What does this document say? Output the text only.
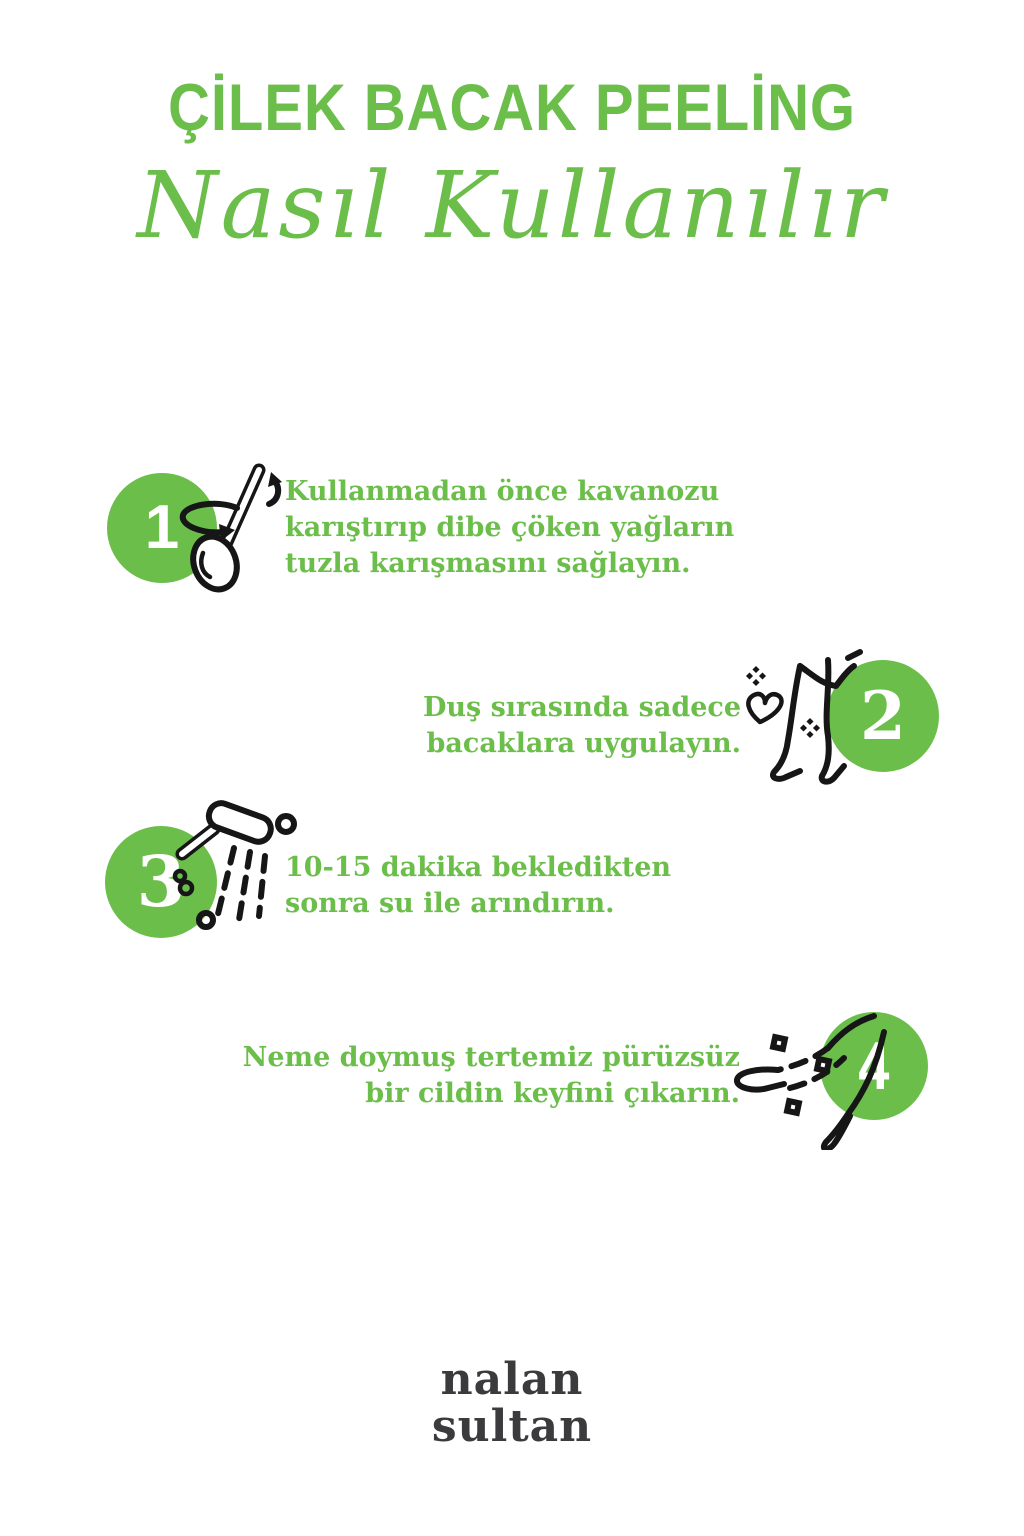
ÇİLEK BACAK PEELİNG
Nasıl Kullanılır
1
Kullanmadan önce kavanozu
karıştırıp dibe çöken yağların
tuzla karışmasını sağlayın.
2
Duş sırasında sadece
bacaklara uygulayın.
3	10-15 dakika bekledikten
sonra su ile arındırın.
4
Neme doymuş tertemiz pürüzsüz
bir cildin keyfini çıkarın.
nalan
sultan
